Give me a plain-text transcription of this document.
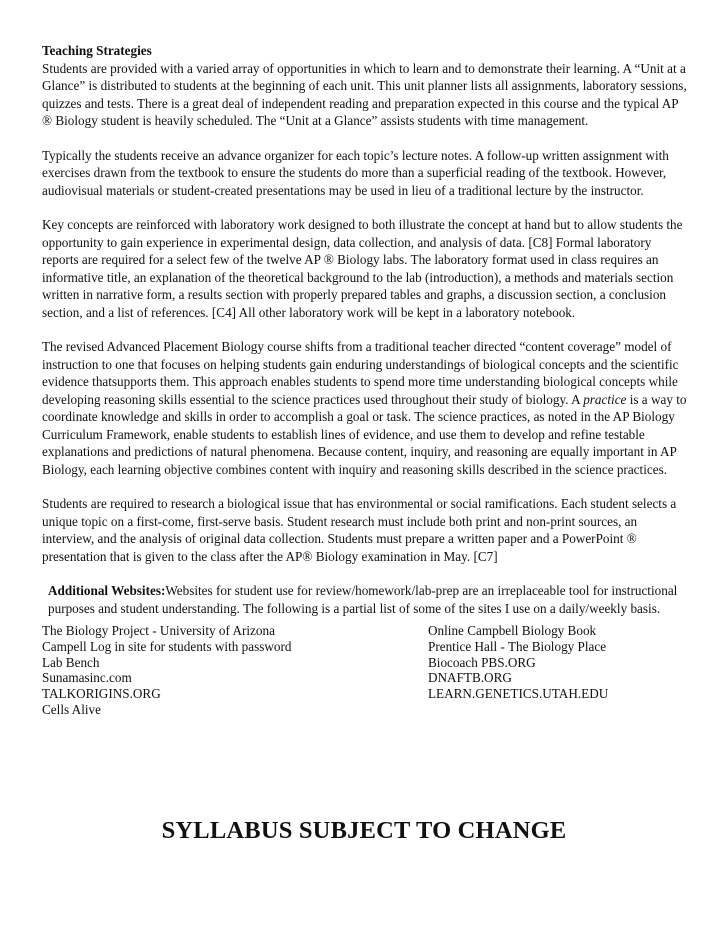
Teaching Strategies
Students are provided with a varied array of opportunities in which to learn and to demonstrate their learning. A “Unit at a Glance” is distributed to students at the beginning of each unit. This unit planner lists all assignments, laboratory sessions, quizzes and tests. There is a great deal of independent reading and preparation expected in this course and the typical AP ® Biology student is heavily scheduled. The “Unit at a Glance” assists students with time management.

Typically the students receive an advance organizer for each topic’s lecture notes. A follow-up written assignment with exercises drawn from the textbook to ensure the students do more than a superficial reading of the textbook. However, audiovisual materials or student-created presentations may be used in lieu of a traditional lecture by the instructor.

Key concepts are reinforced with laboratory work designed to both illustrate the concept at hand but to allow students the opportunity to gain experience in experimental design, data collection, and analysis of data. [C8] Formal laboratory reports are required for a select few of the twelve AP ® Biology labs. The laboratory format used in class requires an informative title, an explanation of the theoretical background to the lab (introduction), a methods and materials section written in narrative form, a results section with properly prepared tables and graphs, a discussion section, a conclusion section, and a list of references. [C4] All other laboratory work will be kept in a laboratory notebook.

The revised Advanced Placement Biology course shifts from a traditional teacher directed “content coverage” model of instruction to one that focuses on helping students gain enduring understandings of biological concepts and the scientific evidence thatsupports them. This approach enables students to spend more time understanding biological concepts while developing reasoning skills essential to the science practices used throughout their study of biology. A practice is a way to coordinate knowledge and skills in order to accomplish a goal or task. The science practices, as noted in the AP Biology Curriculum Framework, enable students to establish lines of evidence, and use them to develop and refine testable explanations and predictions of natural phenomena. Because content, inquiry, and reasoning are equally important in AP Biology, each learning objective combines content with inquiry and reasoning skills described in the science practices.

Students are required to research a biological issue that has environmental or social ramifications. Each student selects a unique topic on a first-come, first-serve basis. Student research must include both print and non-print sources, an interview, and the analysis of original data collection. Students must prepare a written paper and a PowerPoint ® presentation that is given to the class after the AP® Biology examination in May. [C7]

Additional Websites:Websites for student use for review/homework/lab-prep are an irreplaceable tool for instructional purposes and student understanding. The following is a partial list of some of the sites I use on a daily/weekly basis.

The Biology Project - University of Arizona
Campell Log in site for students with password
Lab Bench
Sunamasinc.com
TALKORIGINS.ORG
Cells Alive
Online Campbell Biology Book
Prentice Hall - The Biology Place
Biocoach PBS.ORG
DNAFTB.ORG
LEARN.GENETICS.UTAH.EDU
SYLLABUS SUBJECT TO CHANGE
